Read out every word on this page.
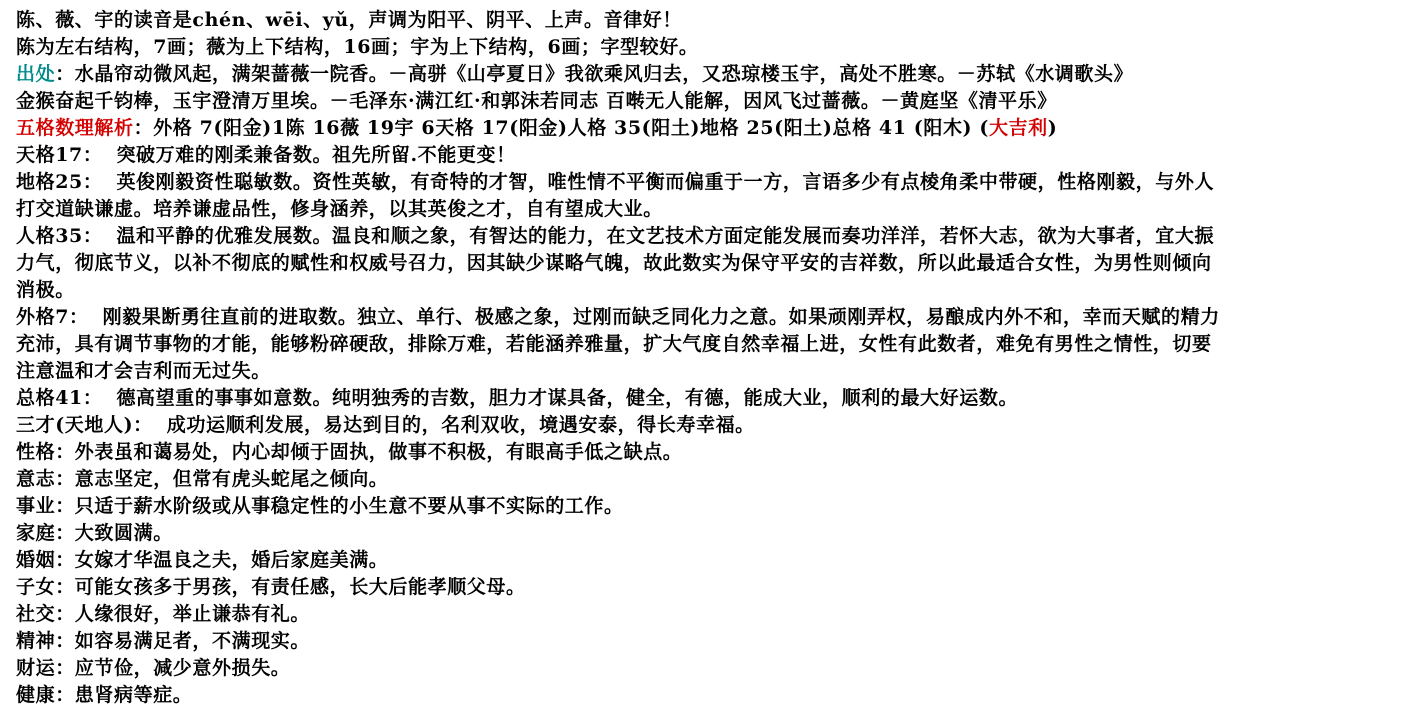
陈、薇、宇的读音是chén、wēi、yǔ，声调为阳平、阴平、上声。音律好！
陈为左右结构，7画；薇为上下结构，16画；宇为上下结构，6画；字型较好。
出处：水晶帘动微风起，满架蔷薇一院香。－高骈《山亭夏日》我欲乘风归去，又恐琼楼玉宇，高处不胜寒。－苏轼《水调歌头》
金猴奋起千钧棒，玉宇澄清万里埃。－毛泽东·满江红·和郭沫若同志 百啭无人能解，因风飞过蔷薇。－黄庭坚《清平乐》
五格数理解析：外格 7(阳金)1陈 16薇 19宇 6天格 17(阳金)人格 35(阳土)地格 25(阳土)总格 41 (阳木) (大吉利)
天格17： 突破万难的刚柔兼备数。祖先所留.不能更变！
地格25： 英俊刚毅资性聪敏数。资性英敏，有奇特的才智，唯性情不平衡而偏重于一方，言语多少有点棱角柔中带硬，性格刚毅，与外人
打交道缺谦虚。培养谦虚品性，修身涵养，以其英俊之才，自有望成大业。
人格35： 温和平静的优雅发展数。温良和顺之象，有智达的能力，在文艺技术方面定能发展而奏功洋洋，若怀大志，欲为大事者，宜大振
力气，彻底节义，以补不彻底的赋性和权威号召力，因其缺少谋略气魄，故此数实为保守平安的吉祥数，所以此最适合女性，为男性则倾向
消极。
外格7： 刚毅果断勇往直前的进取数。独立、单行、极感之象，过刚而缺乏同化力之意。如果顽刚弄权，易酿成内外不和，幸而天赋的精力
充沛，具有调节事物的才能，能够粉碎硬敌，排除万难，若能涵养雅量，扩大气度自然幸福上进，女性有此数者，难免有男性之情性，切要
注意温和才会吉利而无过失。
总格41： 德高望重的事事如意数。纯明独秀的吉数，胆力才谋具备，健全，有德，能成大业，顺利的最大好运数。
三才(天地人)： 成功运顺利发展，易达到目的，名利双收，境遇安泰，得长寿幸福。
性格：外表虽和蔼易处，内心却倾于固执，做事不积极，有眼高手低之缺点。
意志：意志坚定，但常有虎头蛇尾之倾向。
事业：只适于薪水阶级或从事稳定性的小生意不要从事不实际的工作。
家庭：大致圆满。
婚姻：女嫁才华温良之夫，婚后家庭美满。
子女：可能女孩多于男孩，有责任感，长大后能孝顺父母。
社交：人缘很好，举止谦恭有礼。
精神：如容易满足者，不满现实。
财运：应节俭，减少意外损失。
健康：患肾病等症。
